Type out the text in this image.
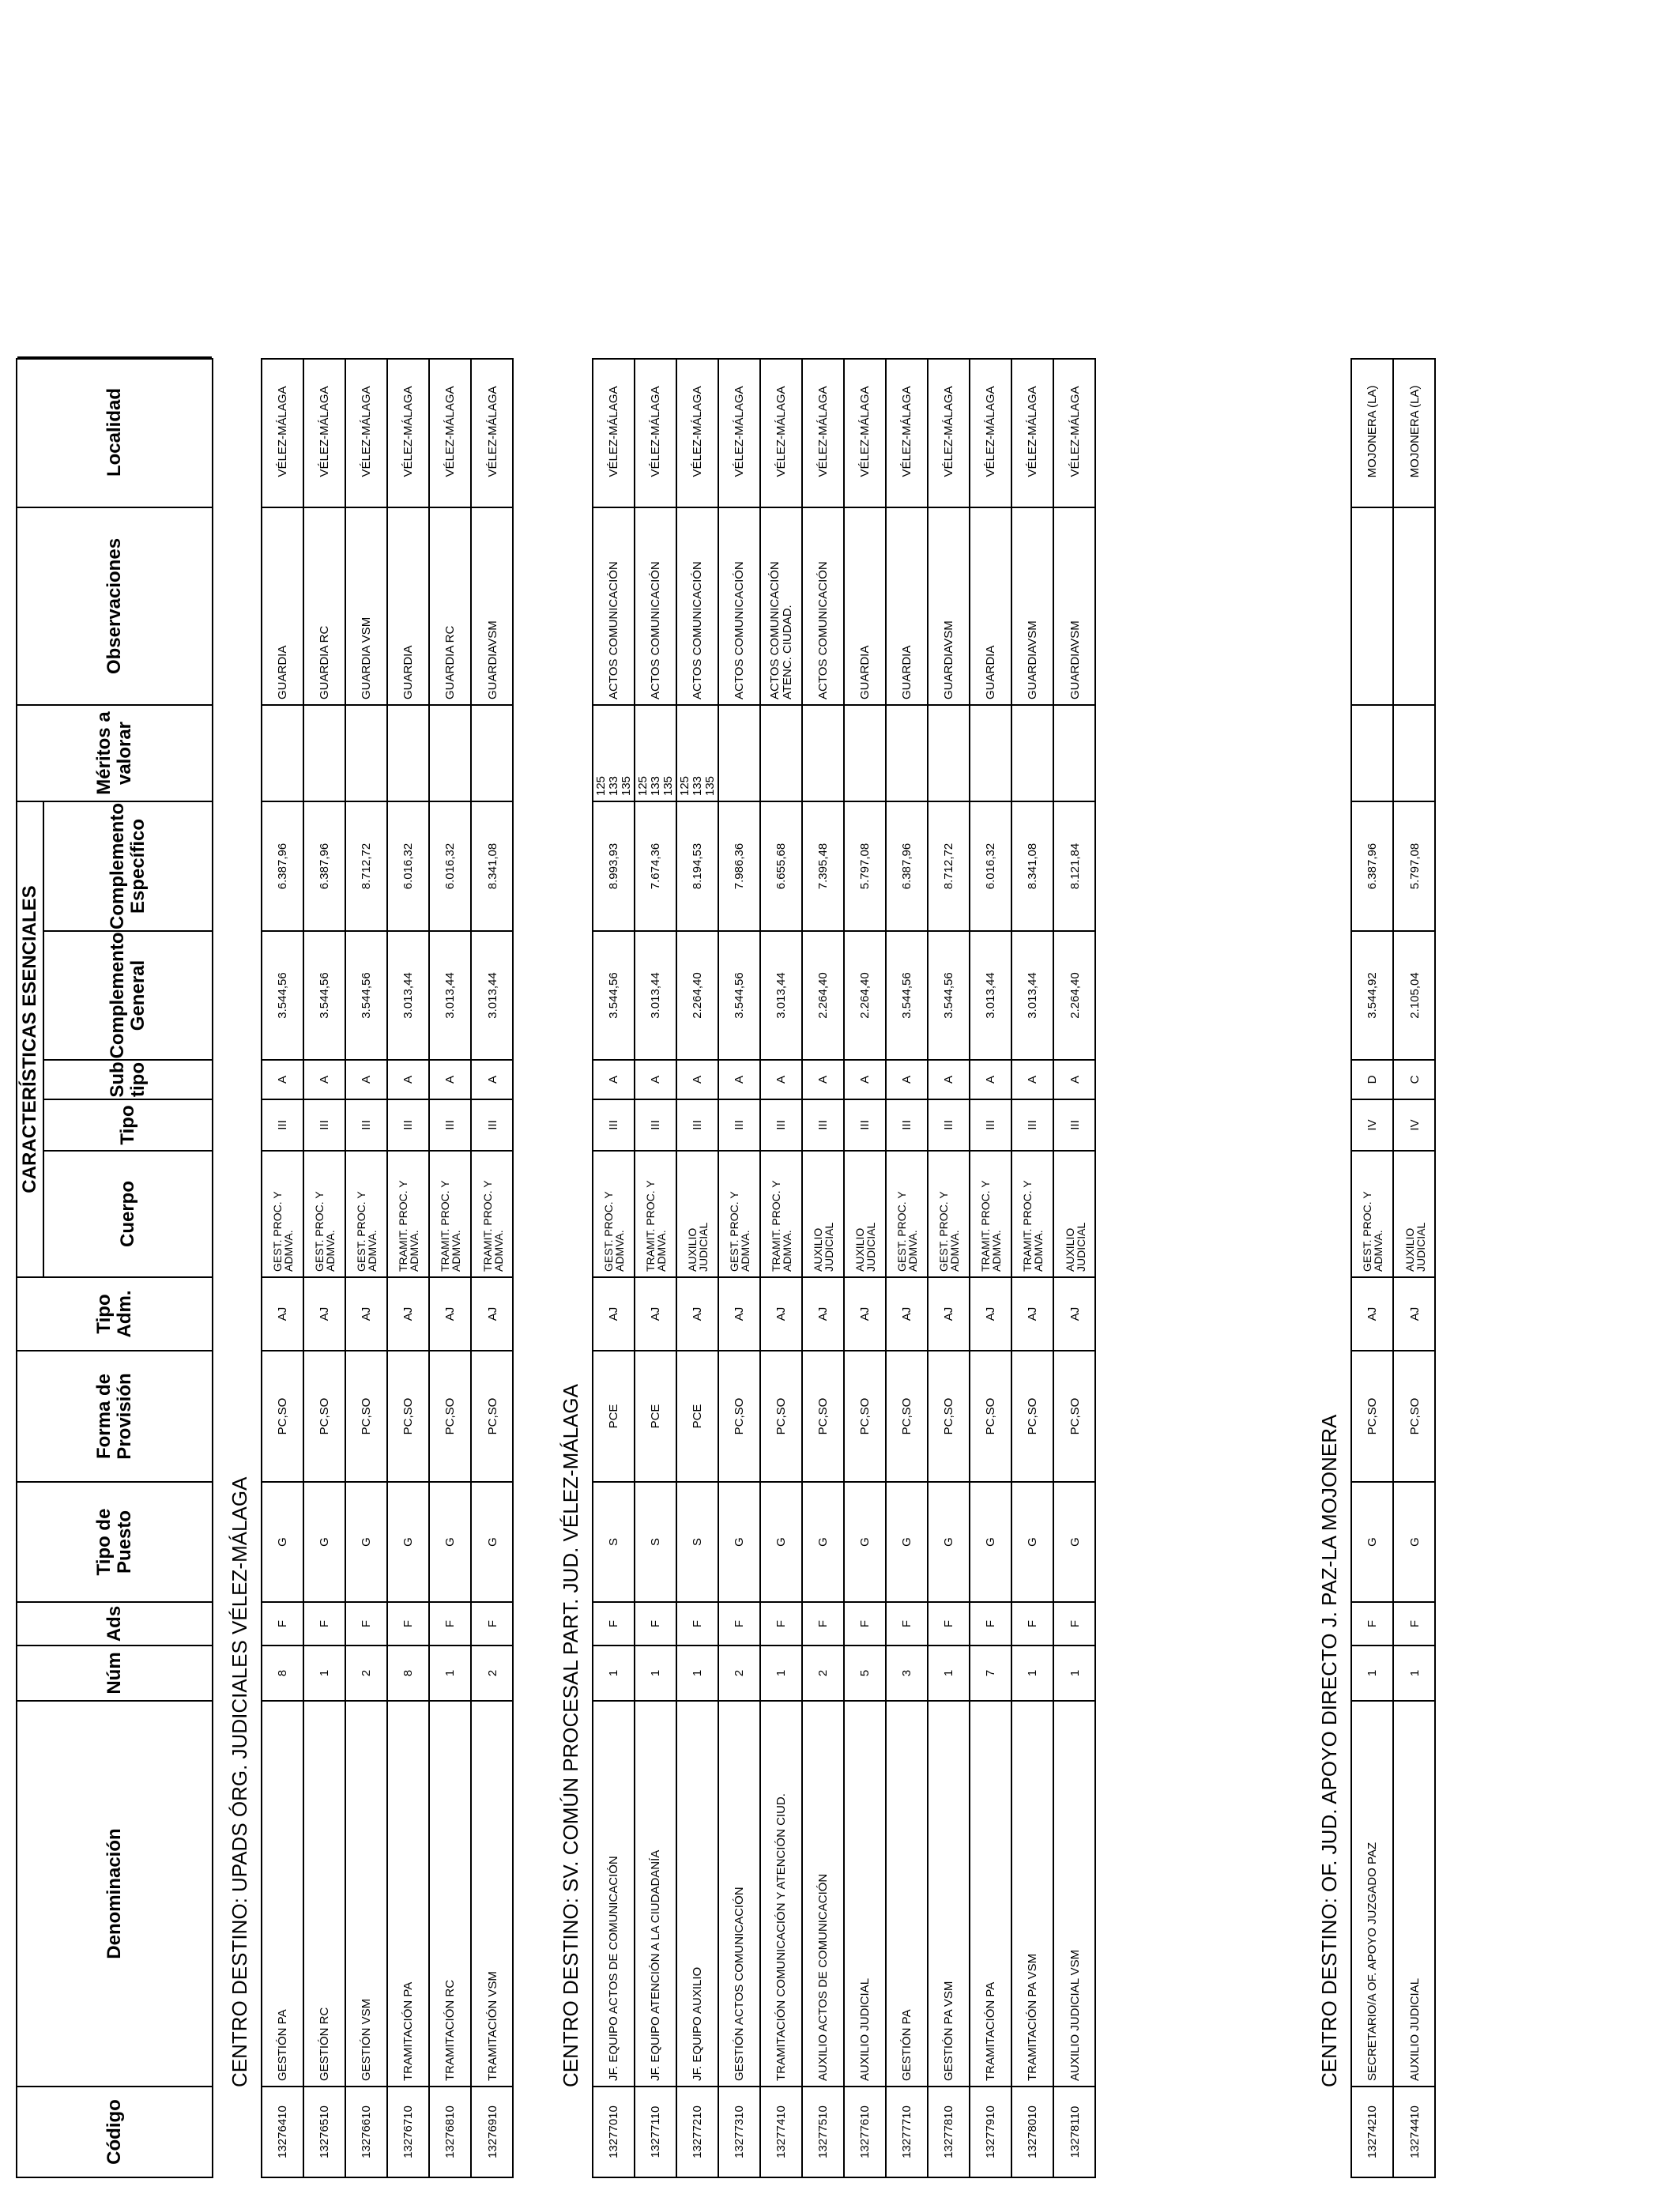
Código
Denominación
Núm
Ads
Tipo de
Puesto
Forma de
Provisión
Tipo
Adm.
Méritos a
valorar
Observaciones
Localidad
CARACTERÍSTICAS ESENCIALES
Cuerpo
Tipo
Sub
tipo
Complemento
General
Complemento
Específico
CENTRO DESTINO: UPADS ÓRG. JUDICIALES VÉLEZ-MÁLAGA
13276410
GESTIÓN PA
8
F
G
PC,SO
AJ
GEST. PROC. Y
ADMVA.
III
A
3.544,56
6.387,96
GUARDIA
VÉLEZ-MÁLAGA
13276510
GESTIÓN RC
1
F
G
PC,SO
AJ
GEST. PROC. Y
ADMVA.
III
A
3.544,56
6.387,96
GUARDIA RC
VÉLEZ-MÁLAGA
13276610
GESTIÓN VSM
2
F
G
PC,SO
AJ
GEST. PROC. Y
ADMVA.
III
A
3.544,56
8.712,72
GUARDIA VSM
VÉLEZ-MÁLAGA
13276710
TRAMITACIÓN PA
8
F
G
PC,SO
AJ
TRAMIT. PROC. Y
ADMVA.
III
A
3.013,44
6.016,32
GUARDIA
VÉLEZ-MÁLAGA
13276810
TRAMITACIÓN RC
1
F
G
PC,SO
AJ
TRAMIT. PROC. Y
ADMVA.
III
A
3.013,44
6.016,32
GUARDIA RC
VÉLEZ-MÁLAGA
13276910
TRAMITACIÓN VSM
2
F
G
PC,SO
AJ
TRAMIT. PROC. Y
ADMVA.
III
A
3.013,44
8.341,08
GUARDIAVSM
VÉLEZ-MÁLAGA
CENTRO DESTINO: SV. COMÚN PROCESAL PART. JUD. VÉLEZ-MÁLAGA
13277010
JF. EQUIPO ACTOS DE COMUNICACIÓN
1
F
S
PCE
AJ
GEST. PROC. Y
ADMVA.
III
A
3.544,56
8.993,93
125
133
135
ACTOS COMUNICACIÓN
VÉLEZ-MÁLAGA
13277110
JF. EQUIPO ATENCIÓN A LA CIUDADANÍA
1
F
S
PCE
AJ
TRAMIT. PROC. Y
ADMVA.
III
A
3.013,44
7.674,36
125
133
135
ACTOS COMUNICACIÓN
VÉLEZ-MÁLAGA
13277210
JF. EQUIPO AUXILIO
1
F
S
PCE
AJ
AUXILIO
JUDICIAL
III
A
2.264,40
8.194,53
125
133
135
ACTOS COMUNICACIÓN
VÉLEZ-MÁLAGA
13277310
GESTIÓN ACTOS COMUNICACIÓN
2
F
G
PC,SO
AJ
GEST. PROC. Y
ADMVA.
III
A
3.544,56
7.986,36
ACTOS COMUNICACIÓN
VÉLEZ-MÁLAGA
13277410
TRAMITACIÓN COMUNICACIÓN Y ATENCIÓN CIUD.
1
F
G
PC,SO
AJ
TRAMIT. PROC. Y
ADMVA.
III
A
3.013,44
6.655,68
ACTOS COMUNICACIÓN
ATENC. CIUDAD.
VÉLEZ-MÁLAGA
13277510
AUXILIO ACTOS DE COMUNICACIÓN
2
F
G
PC,SO
AJ
AUXILIO
JUDICIAL
III
A
2.264,40
7.395,48
ACTOS COMUNICACIÓN
VÉLEZ-MÁLAGA
13277610
AUXILIO JUDICIAL
5
F
G
PC,SO
AJ
AUXILIO
JUDICIAL
III
A
2.264,40
5.797,08
GUARDIA
VÉLEZ-MÁLAGA
13277710
GESTIÓN PA
3
F
G
PC,SO
AJ
GEST. PROC. Y
ADMVA.
III
A
3.544,56
6.387,96
GUARDIA
VÉLEZ-MÁLAGA
13277810
GESTIÓN PA VSM
1
F
G
PC,SO
AJ
GEST. PROC. Y
ADMVA.
III
A
3.544,56
8.712,72
GUARDIAVSM
VÉLEZ-MÁLAGA
13277910
TRAMITACIÓN PA
7
F
G
PC,SO
AJ
TRAMIT. PROC. Y
ADMVA.
III
A
3.013,44
6.016,32
GUARDIA
VÉLEZ-MÁLAGA
13278010
TRAMITACIÓN PA VSM
1
F
G
PC,SO
AJ
TRAMIT. PROC. Y
ADMVA.
III
A
3.013,44
8.341,08
GUARDIAVSM
VÉLEZ-MÁLAGA
13278110
AUXILIO JUDICIAL VSM
1
F
G
PC,SO
AJ
AUXILIO
JUDICIAL
III
A
2.264,40
8.121,84
GUARDIAVSM
VÉLEZ-MÁLAGA
CENTRO DESTINO: OF. JUD. APOYO DIRECTO J. PAZ-LA MOJONERA
13274210
SECRETARIO/A OF. APOYO JUZGADO PAZ
1
F
G
PC,SO
AJ
GEST. PROC. Y
ADMVA.
IV
D
3.544,92
6.387,96
MOJONERA (LA)
13274410
AUXILIO JUDICIAL
1
F
G
PC,SO
AJ
AUXILIO
JUDICIAL
IV
C
2.105,04
5.797,08
MOJONERA (LA)
